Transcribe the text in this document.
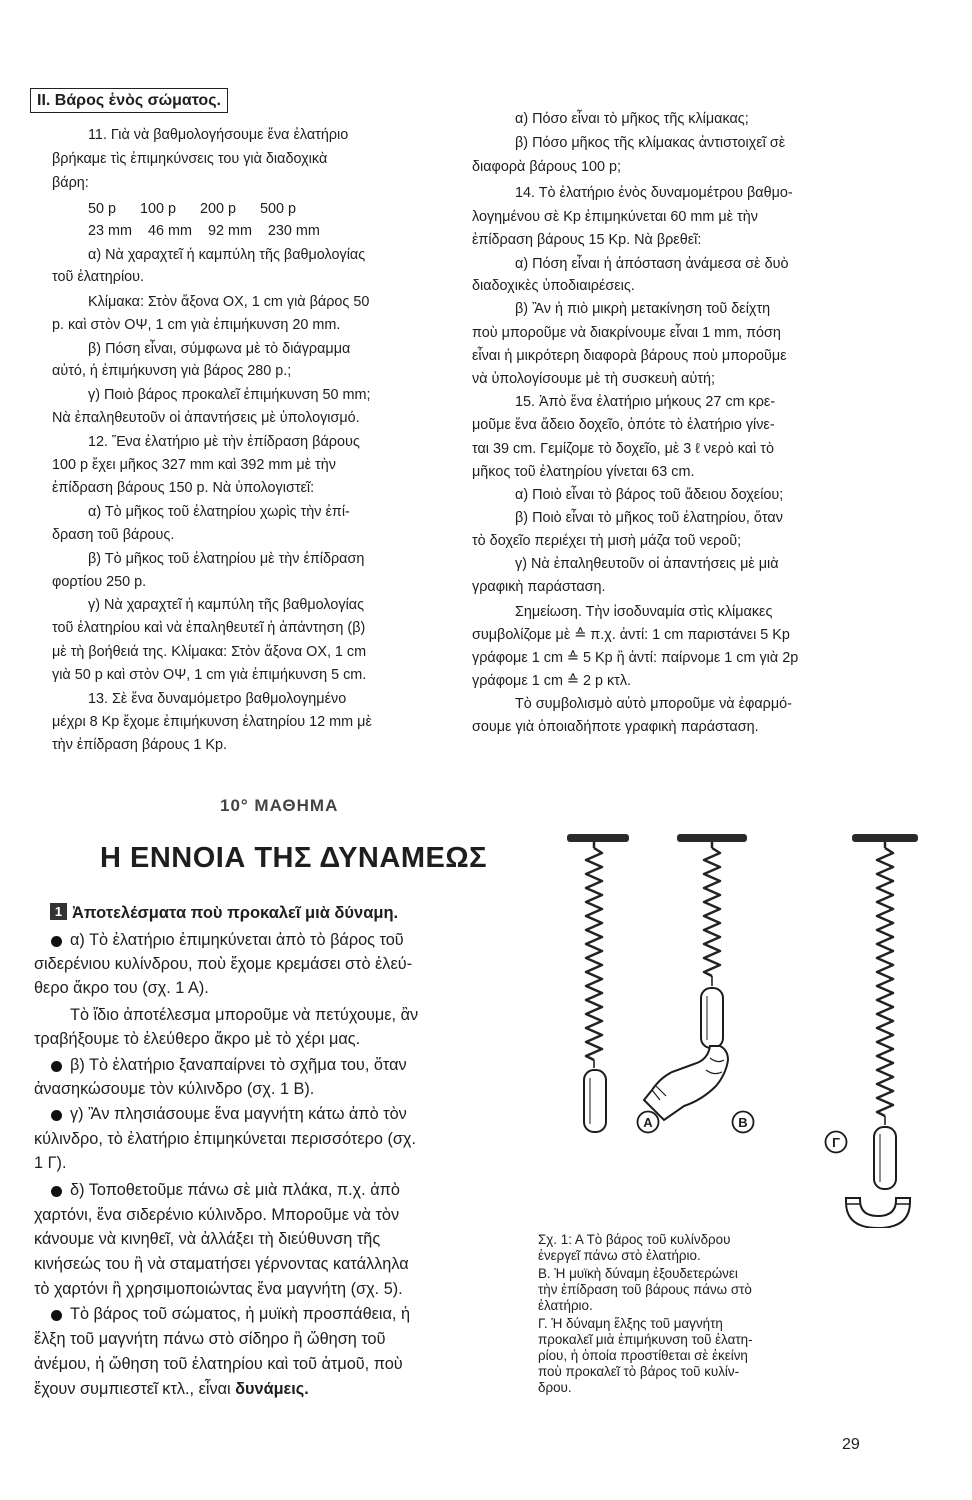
II. Βάρος ἑνὸς σώματος.
11. Γιὰ νὰ βαθμολογήσουμε ἕνα ἐλατήριο
βρήκαμε τὶς ἐπιμηκύνσεις του γιὰ διαδοχικὰ
βάρη:
50 p      100 p      200 p      500 p
23 mm    46 mm    92 mm    230 mm
α) Νὰ χαραχτεῖ ἡ καμπύλη τῆς βαθμολογίας
τοῦ ἐλατηρίου.
Κλίμακα: Στὸν ἄξονα ΟΧ, 1 cm γιὰ βάρος 50
p. καὶ στὸν ΟΨ, 1 cm γιὰ ἐπιμήκυνση 20 mm.
β) Πόση εἶναι, σύμφωνα μὲ τὸ διάγραμμα
αὐτό, ἡ ἐπιμήκυνση γιὰ βάρος 280 p.;
γ) Ποιὸ βάρος προκαλεῖ ἐπιμήκυνση 50 mm;
Νὰ ἐπαληθευτοῦν οἱ ἀπαντήσεις μὲ ὑπολογισμό.
12. Ἕνα ἐλατήριο μὲ τὴν ἐπίδραση βάρους
100 p ἔχει μῆκος 327 mm καὶ 392 mm μὲ τὴν
ἐπίδραση βάρους 150 p. Νὰ ὑπολογιστεῖ:
α) Τὸ μῆκος τοῦ ἐλατηρίου χωρὶς τὴν ἐπί-
δραση τοῦ βάρους.
β) Τὸ μῆκος τοῦ ἐλατηρίου μὲ τὴν ἐπίδραση
φορτίου 250 p.
γ) Νὰ χαραχτεῖ ἡ καμπύλη τῆς βαθμολογίας
τοῦ ἐλατηρίου καὶ νὰ ἐπαληθευτεῖ ἡ ἀπάντηση (β)
μὲ τὴ βοήθειά της. Κλίμακα: Στὸν ἄξονα ΟΧ, 1 cm
γιὰ 50 p καὶ στὸν ΟΨ, 1 cm γιὰ ἐπιμήκυνση 5 cm.
13. Σὲ ἕνα δυναμόμετρο βαθμολογημένο
μέχρι 8 Kp ἔχομε ἐπιμήκυνση ἐλατηρίου 12 mm μὲ
τὴν ἐπίδραση βάρους 1 Kp.
α) Πόσο εἶναι τὸ μῆκος τῆς κλίμακας;
β) Πόσο μῆκος τῆς κλίμακας ἀντιστοιχεῖ σὲ
διαφορὰ βάρους 100 p;
14. Τὸ ἐλατήριο ἑνὸς δυναμομέτρου βαθμο-
λογημένου σὲ Kp ἐπιμηκύνεται 60 mm μὲ τὴν
ἐπίδραση βάρους 15 Kp. Νὰ βρεθεῖ:
α) Πόση εἶναι ἡ ἀπόσταση ἀνάμεσα σὲ δυὸ
διαδοχικὲς ὑποδιαιρέσεις.
β) Ἂν ἡ πιὸ μικρὴ μετακίνηση τοῦ δείχτη
ποὺ μποροῦμε νὰ διακρίνουμε εἶναι 1 mm, πόση
εἶναι ἡ μικρότερη διαφορὰ βάρους ποὺ μποροῦμε
νὰ ὑπολογίσουμε μὲ τὴ συσκευὴ αὐτή;
15. Ἀπὸ ἕνα ἐλατήριο μήκους 27 cm κρε-
μοῦμε ἕνα ἄδειο δοχεῖο, ὁπότε τὸ ἐλατήριο γίνε-
ται 39 cm. Γεμίζομε τὸ δοχεῖο, μὲ 3 ℓ νερὸ καὶ τὸ
μῆκος τοῦ ἐλατηρίου γίνεται 63 cm.
α) Ποιὸ εἶναι τὸ βάρος τοῦ ἄδειου δοχείου;
β) Ποιὸ εἶναι τὸ μῆκος τοῦ ἐλατηρίου, ὅταν
τὸ δοχεῖο περιέχει τὴ μισὴ μάζα τοῦ νεροῦ;
γ) Νὰ ἐπαληθευτοῦν οἱ ἀπαντήσεις μὲ μιὰ
γραφικὴ παράσταση.
Σημείωση. Τὴν ἰσοδυναμία στὶς κλίμακες
συμβολίζομε μὲ ≙ π.χ. ἀντί: 1 cm παριστάνει 5 Kp
γράφομε 1 cm ≙ 5 Kp ἢ ἀντί: παίρνομε 1 cm γιὰ 2p
γράφομε 1 cm ≙ 2 p κτλ.
Τὸ συμβολισμὸ αὐτὸ μποροῦμε νὰ ἐφαρμό-
σουμε γιὰ ὁποιαδήποτε γραφικὴ παράσταση.
10° ΜΑΘΗΜΑ
Η ΕΝΝΟΙΑ ΤΗΣ ΔΥΝΑΜΕΩΣ
1 Ἀποτελέσματα ποὺ προκαλεῖ μιὰ δύναμη.
α) Τὸ ἐλατήριο ἐπιμηκύνεται ἀπὸ τὸ βάρος τοῦ
σιδερένιου κυλίνδρου, ποὺ ἔχομε κρεμάσει στὸ ἐλεύ-
θερο ἄκρο του (σχ. 1 Α).
Τὸ ἴδιο ἀποτέλεσμα μποροῦμε νὰ πετύχουμε, ἂν
τραβήξουμε τὸ ἐλεύθερο ἄκρο μὲ τὸ χέρι μας.
β) Τὸ ἐλατήριο ξαναπαίρνει τὸ σχῆμα του, ὅταν
ἀνασηκώσουμε τὸν κύλινδρο (σχ. 1 Β).
γ) Ἂν πλησιάσουμε ἕνα μαγνήτη κάτω ἀπὸ τὸν
κύλινδρο, τὸ ἐλατήριο ἐπιμηκύνεται περισσότερο (σχ.
1 Γ).
δ) Τοποθετοῦμε πάνω σὲ μιὰ πλάκα, π.χ. ἀπὸ
χαρτόνι, ἕνα σιδερένιο κύλινδρο. Μποροῦμε νὰ τὸν
κάνουμε νὰ κινηθεῖ, νὰ ἀλλάξει τὴ διεύθυνση τῆς
κινήσεώς του ἢ νὰ σταματήσει γέρνοντας κατάλληλα
τὸ χαρτόνι ἢ χρησιμοποιώντας ἕνα μαγνήτη (σχ. 5).
Τὸ βάρος τοῦ σώματος, ἡ μυϊκὴ προσπάθεια, ἡ
ἕλξη τοῦ μαγνήτη πάνω στὸ σίδηρο ἢ ὤθηση τοῦ
ἀνέμου, ἡ ὤθηση τοῦ ἐλατηρίου καὶ τοῦ ἀτμοῦ, ποὺ
ἔχουν συμπιεστεῖ κτλ., εἶναι δυνάμεις.
A	B
Γ
Σχ. 1: Α Τὸ βάρος τοῦ κυλίνδρου
ἐνεργεῖ πάνω στὸ ἐλατήριο.
Β. Ἡ μυϊκὴ δύναμη ἐξουδετερώνει
τὴν ἐπίδραση τοῦ βάρους πάνω στὸ
ἐλατήριο.
Γ. Ἡ δύναμη ἕλξης τοῦ μαγνήτη
προκαλεῖ μιὰ ἐπιμήκυνση τοῦ ἐλατη-
ρίου, ἡ ὁποία προστίθεται σὲ ἐκείνη
ποὺ προκαλεῖ τὸ βάρος τοῦ κυλίν-
δρου.
29
